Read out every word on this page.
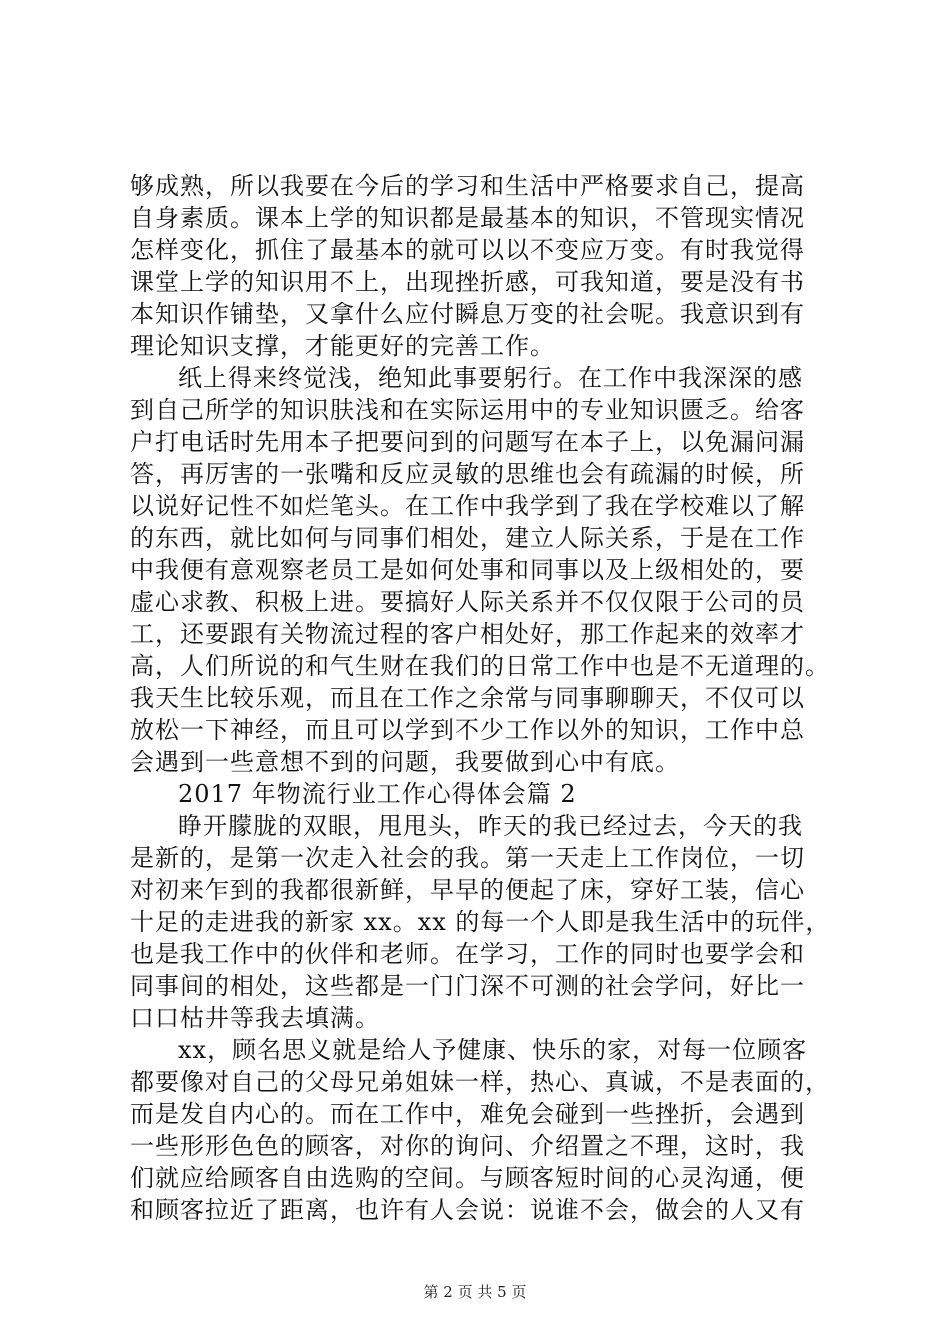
够成熟，所以我要在今后的学习和生活中严格要求自己，提高
自身素质。课本上学的知识都是最基本的知识，不管现实情况
怎样变化，抓住了最基本的就可以以不变应万变。有时我觉得
课堂上学的知识用不上，出现挫折感，可我知道，要是没有书
本知识作铺垫，又拿什么应付瞬息万变的社会呢。我意识到有
理论知识支撑，才能更好的完善工作。
纸上得来终觉浅，绝知此事要躬行。在工作中我深深的感
到自己所学的知识肤浅和在实际运用中的专业知识匮乏。给客
户打电话时先用本子把要问到的问题写在本子上，以免漏问漏
答，再厉害的一张嘴和反应灵敏的思维也会有疏漏的时候，所
以说好记性不如烂笔头。在工作中我学到了我在学校难以了解
的东西，就比如何与同事们相处，建立人际关系，于是在工作
中我便有意观察老员工是如何处事和同事以及上级相处的，要
虚心求教、积极上进。要搞好人际关系并不仅仅限于公司的员
工，还要跟有关物流过程的客户相处好，那工作起来的效率才
高，人们所说的和气生财在我们的日常工作中也是不无道理的。
我天生比较乐观，而且在工作之余常与同事聊聊天，不仅可以
放松一下神经，而且可以学到不少工作以外的知识，工作中总
会遇到一些意想不到的问题，我要做到心中有底。
2017 年物流行业工作心得体会篇 2
睁开朦胧的双眼，甩甩头，昨天的我已经过去，今天的我
是新的，是第一次走入社会的我。第一天走上工作岗位，一切
对初来乍到的我都很新鲜，早早的便起了床，穿好工装，信心
十足的走进我的新家 xx。xx 的每一个人即是我生活中的玩伴，
也是我工作中的伙伴和老师。在学习，工作的同时也要学会和
同事间的相处，这些都是一门门深不可测的社会学问，好比一
口口枯井等我去填满。
xx，顾名思义就是给人予健康、快乐的家，对每一位顾客
都要像对自己的父母兄弟姐妹一样，热心、真诚，不是表面的，
而是发自内心的。而在工作中，难免会碰到一些挫折，会遇到
一些形形色色的顾客，对你的询问、介绍置之不理，这时，我
们就应给顾客自由选购的空间。与顾客短时间的心灵沟通，便
和顾客拉近了距离，也许有人会说：说谁不会，做会的人又有
第 2 页 共 5 页
